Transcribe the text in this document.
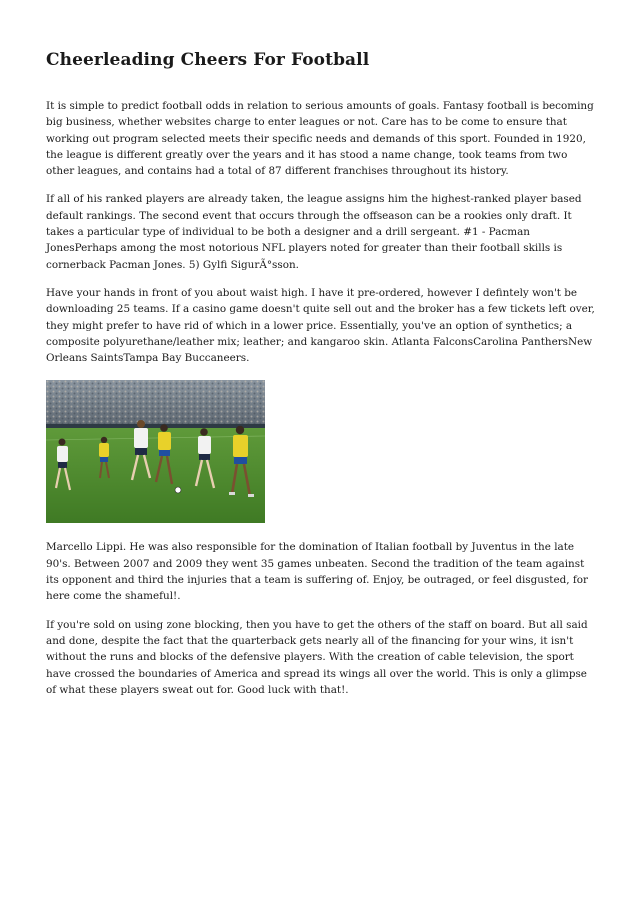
Cheerleading Cheers For Football

It is simple to predict football odds in relation to serious amounts of goals. Fantasy football is becoming big business, whether websites charge to enter leagues or not. Care has to be come to ensure that working out program selected meets their specific needs and demands of this sport. Founded in 1920, the league is different greatly over the years and it has stood a name change, took teams from two other leagues, and contains had a total of 87 different franchises throughout its history.

If all of his ranked players are already taken, the league assigns him the highest-ranked player based default rankings. The second event that occurs through the offseason can be a rookies only draft. It takes a particular type of individual to be both a designer and a drill sergeant. #1 - Pacman JonesPerhaps among the most notorious NFL players noted for greater than their football skills is cornerback Pacman Jones. 5) Gylfi SigurÃ°sson.

Have your hands in front of you about waist high. I have it pre-ordered, however I defintely won't be downloading 25 teams. If a casino game doesn't quite sell out and the broker has a few tickets left over, they might prefer to have rid of which in a lower price. Essentially, you've an option of synthetics; a composite polyurethane/leather mix; leather; and kangaroo skin. Atlanta FalconsCarolina PanthersNew Orleans SaintsTampa Bay Buccaneers.

Marcello Lippi. He was also responsible for the domination of Italian football by Juventus in the late 90's. Between 2007 and 2009 they went 35 games unbeaten. Second the tradition of the team against its opponent and third the injuries that a team is suffering of. Enjoy, be outraged, or feel disgusted, for here come the shameful!.

If you're sold on using zone blocking, then you have to get the others of the staff on board. But all said and done, despite the fact that the quarterback gets nearly all of the financing for your wins, it isn't without the runs and blocks of the defensive players. With the creation of cable television, the sport have crossed the boundaries of America and spread its wings all over the world. This is only a glimpse of what these players sweat out for. Good luck with that!.
